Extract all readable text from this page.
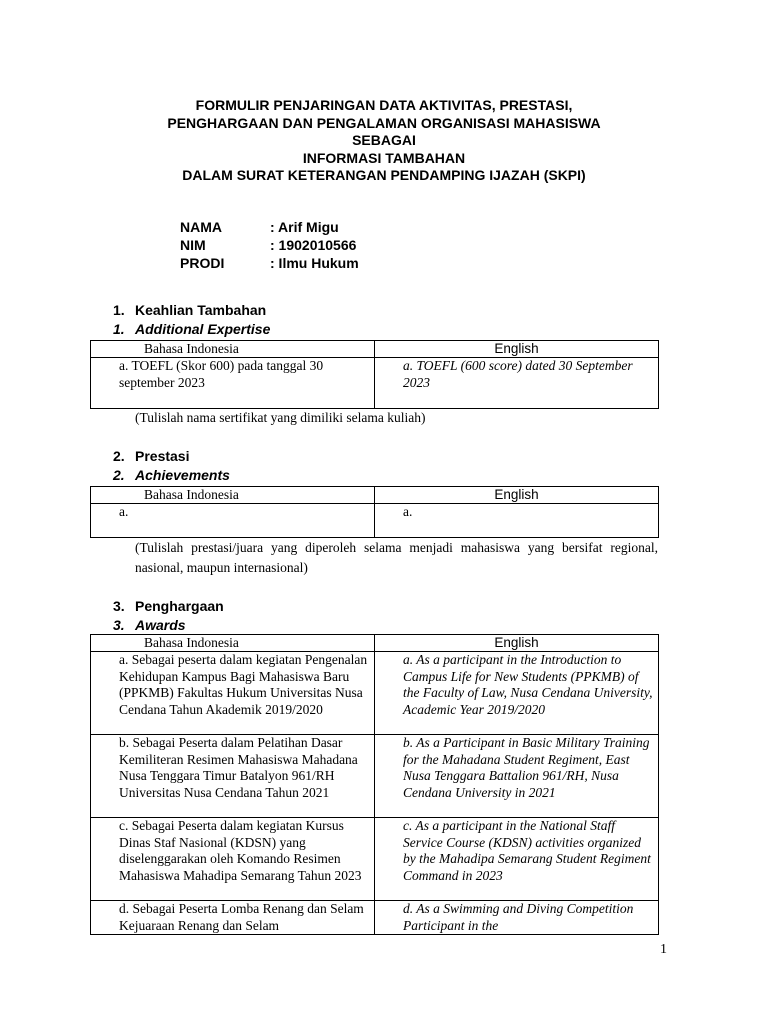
FORMULIR PENJARINGAN DATA AKTIVITAS, PRESTASI,
PENGHARGAAN DAN PENGALAMAN ORGANISASI MAHASISWA
SEBAGAI
INFORMASI TAMBAHAN
DALAM SURAT KETERANGAN PENDAMPING IJAZAH (SKPI)
NAMA	: Arif Migu
NIM	: 1902010566
PRODI	: Ilmu Hukum
1. Keahlian Tambahan
1. Additional Expertise
Bahasa Indonesia	English
a. TOEFL (Skor 600) pada tanggal 30 september 2023	a. TOEFL (600 score) dated 30 September 2023
(Tulislah nama sertifikat yang dimiliki selama kuliah)
2. Prestasi
2. Achievements
Bahasa Indonesia	English
a.	a.
(Tulislah prestasi/juara yang diperoleh selama menjadi mahasiswa yang bersifat regional, nasional, maupun internasional)
3. Penghargaan
3. Awards
Bahasa Indonesia	English
a. Sebagai peserta dalam kegiatan Pengenalan Kehidupan Kampus Bagi Mahasiswa Baru (PPKMB) Fakultas Hukum Universitas Nusa Cendana Tahun Akademik 2019/2020	a. As a participant in the Introduction to Campus Life for New Students (PPKMB) of the Faculty of Law, Nusa Cendana University, Academic Year 2019/2020
b. Sebagai Peserta dalam Pelatihan Dasar Kemiliteran Resimen Mahasiswa Mahadana Nusa Tenggara Timur Batalyon 961/RH Universitas Nusa Cendana Tahun 2021	b. As a Participant in Basic Military Training for the Mahadana Student Regiment, East Nusa Tenggara Battalion 961/RH, Nusa Cendana University in 2021
c. Sebagai Peserta dalam kegiatan Kursus Dinas Staf Nasional (KDSN) yang diselenggarakan oleh Komando Resimen Mahasiswa Mahadipa Semarang Tahun 2023	c. As a participant in the National Staff Service Course (KDSN) activities organized by the Mahadipa Semarang Student Regiment Command in 2023
d. Sebagai Peserta Lomba Renang dan Selam Kejuaraan Renang dan Selam	d. As a Swimming and Diving Competition Participant in the
1
